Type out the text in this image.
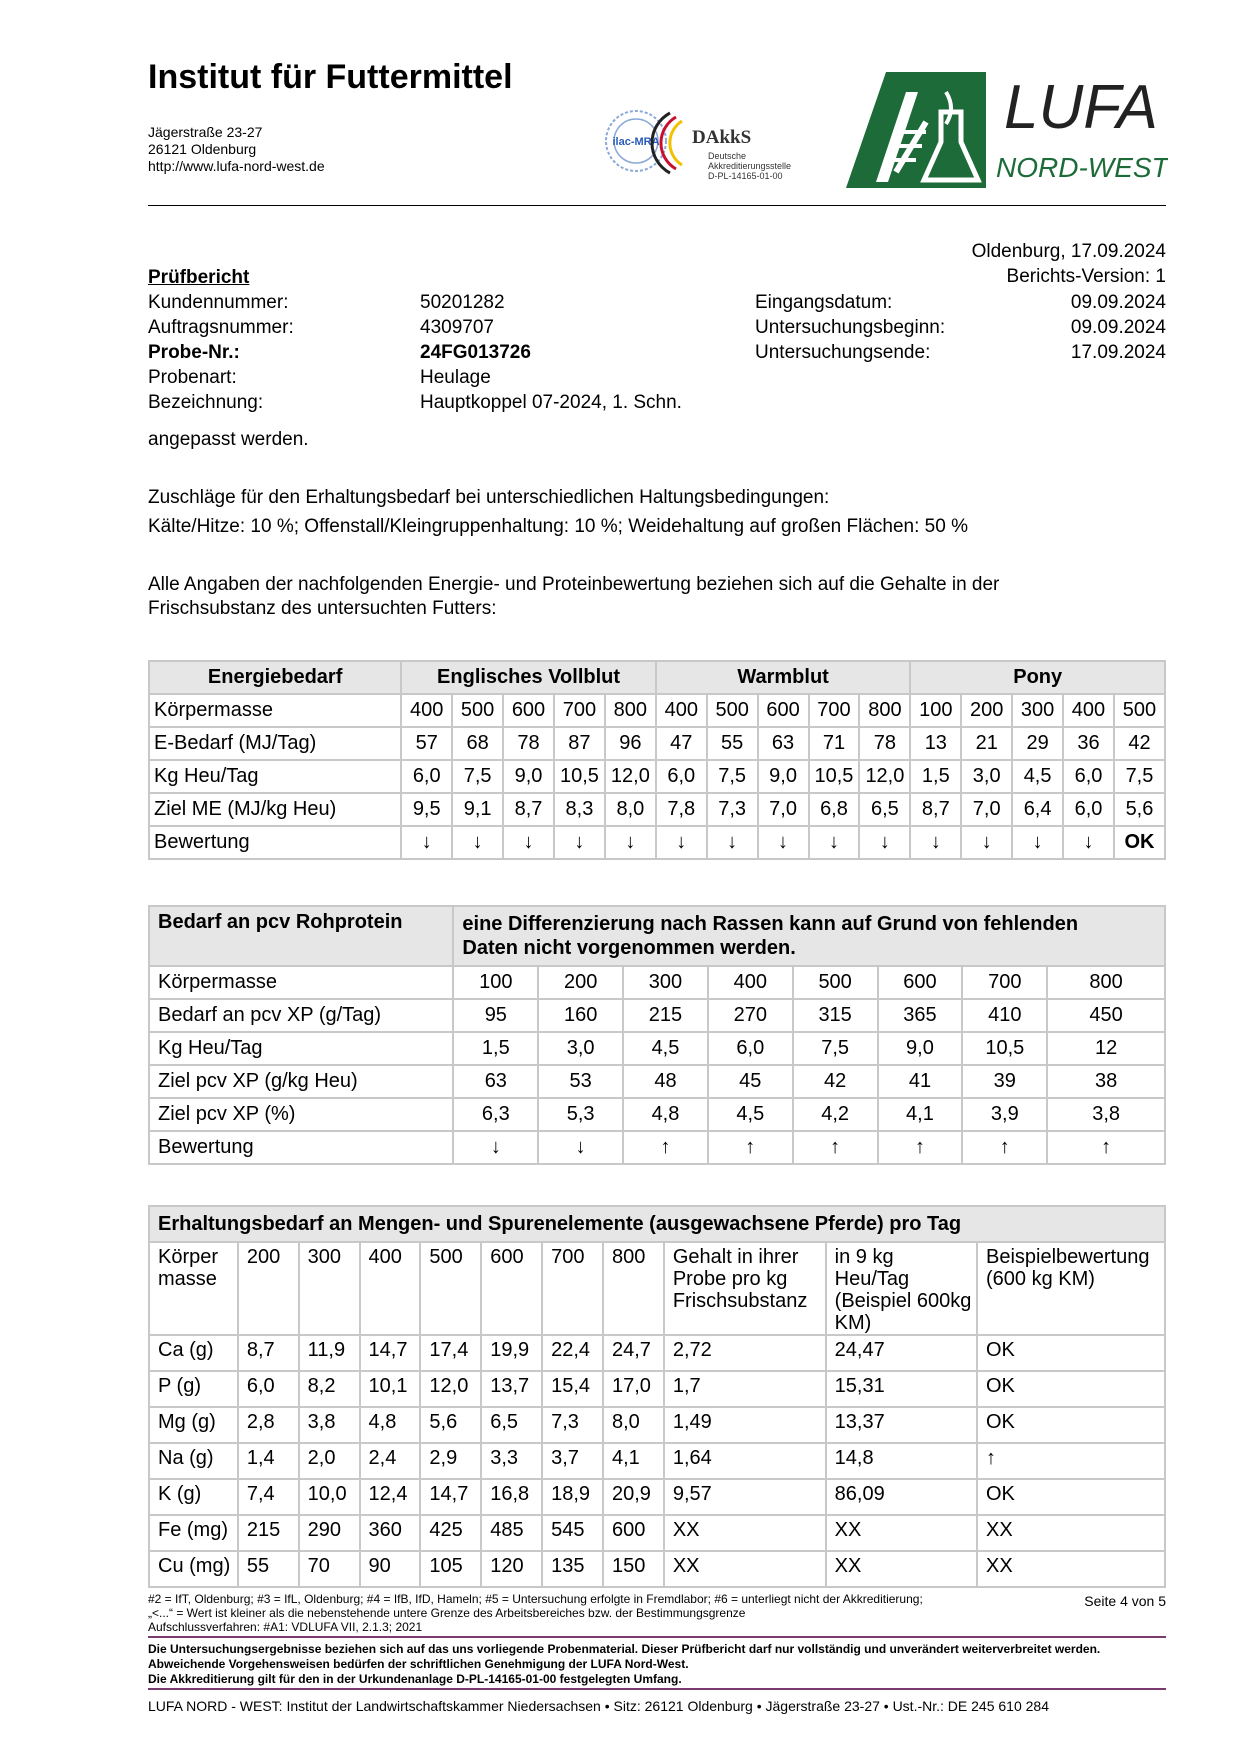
Institut für Futtermittel
Jägerstraße 23-27
26121 Oldenburg
http://www.lufa-nord-west.de
ilac-MRA DAkkS
Deutsche
Akkreditierungsstelle
D-PL-14165-01-00
LUFA
NORD-WEST
Oldenburg, 17.09.2024
Berichts-Version: 1
Prüfbericht
Kundennummer:	50201282
Auftragsnummer:	4309707
Probe-Nr.:	24FG013726
Probenart:	Heulage
Bezeichnung:	Hauptkoppel 07-2024, 1. Schn.
Eingangsdatum:	09.09.2024
Untersuchungsbeginn:	09.09.2024
Untersuchungsende:	17.09.2024
angepasst werden.
Zuschläge für den Erhaltungsbedarf bei unterschiedlichen Haltungsbedingungen:
Kälte/Hitze: 10 %; Offenstall/Kleingruppenhaltung: 10 %; Weidehaltung auf großen Flächen: 50 %
Alle Angaben der nachfolgenden Energie- und Proteinbewertung beziehen sich auf die Gehalte in der
Frischsubstanz des untersuchten Futters:
Energiebedarf	Englisches Vollblut					Warmblut					Pony				
Körpermasse	400	500	600	700	800	400	500	600	700	800	100	200	300	400	500
E-Bedarf (MJ/Tag)	57	68	78	87	96	47	55	63	71	78	13	21	29	36	42
Kg Heu/Tag	6,0	7,5	9,0	10,5	12,0	6,0	7,5	9,0	10,5	12,0	1,5	3,0	4,5	6,0	7,5
Ziel ME (MJ/kg Heu)	9,5	9,1	8,7	8,3	8,0	7,8	7,3	7,0	6,8	6,5	8,7	7,0	6,4	6,0	5,6
Bewertung	↓	↓	↓	↓	↓	↓	↓	↓	↓	↓	↓	↓	↓	↓	OK
Bedarf an pcv Rohprotein	eine Differenzierung nach Rassen kann auf Grund von fehlenden
Daten nicht vorgenommen werden.							

Körpermasse	100	200	300	400	500	600	700	800
Bedarf an pcv XP (g/Tag)	95	160	215	270	315	365	410	450
Kg Heu/Tag	1,5	3,0	4,5	6,0	7,5	9,0	10,5	12
Ziel pcv XP (g/kg Heu)	63	53	48	45	42	41	39	38
Ziel pcv XP (%)	6,3	5,3	4,8	4,5	4,2	4,1	3,9	3,8
Bewertung	↓	↓	↑	↑	↑	↑	↑	↑
Erhaltungsbedarf an Mengen- und Spurenelemente (ausgewachsene Pferde) pro Tag										
Körper masse	200	300	400	500	600	700	800	Gehalt in ihrer Probe pro kg Frischsubstanz	in 9 kg Heu/Tag (Beispiel 600kg KM)	Beispielbewertung (600 kg KM)
Ca (g)	8,7	11,9	14,7	17,4	19,9	22,4	24,7	2,72	24,47	OK
P (g)	6,0	8,2	10,1	12,0	13,7	15,4	17,0	1,7	15,31	OK
Mg (g)	2,8	3,8	4,8	5,6	6,5	7,3	8,0	1,49	13,37	OK
Na (g)	1,4	2,0	2,4	2,9	3,3	3,7	4,1	1,64	14,8	↑
K (g)	7,4	10,0	12,4	14,7	16,8	18,9	20,9	9,57	86,09	OK
Fe (mg)	215	290	360	425	485	545	600	XX	XX	XX
Cu (mg)	55	70	90	105	120	135	150	XX	XX	XX
#2 = IfT, Oldenburg; #3 = IfL, Oldenburg; #4 = IfB, IfD, Hameln; #5 = Untersuchung erfolgte in Fremdlabor; #6 = unterliegt nicht der Akkreditierung;
„<...“ = Wert ist kleiner als die nebenstehende untere Grenze des Arbeitsbereiches bzw. der Bestimmungsgrenze
Aufschlussverfahren: #A1: VDLUFA VII, 2.1.3; 2021
Seite 4 von 5
Die Untersuchungsergebnisse beziehen sich auf das uns vorliegende Probenmaterial. Dieser Prüfbericht darf nur vollständig und unverändert weiterverbreitet werden.
Abweichende Vorgehensweisen bedürfen der schriftlichen Genehmigung der LUFA Nord-West.
Die Akkreditierung gilt für den in der Urkundenanlage D-PL-14165-01-00 festgelegten Umfang.
LUFA NORD - WEST: Institut der Landwirtschaftskammer Niedersachsen • Sitz: 26121 Oldenburg • Jägerstraße 23-27 • Ust.-Nr.: DE 245 610 284
